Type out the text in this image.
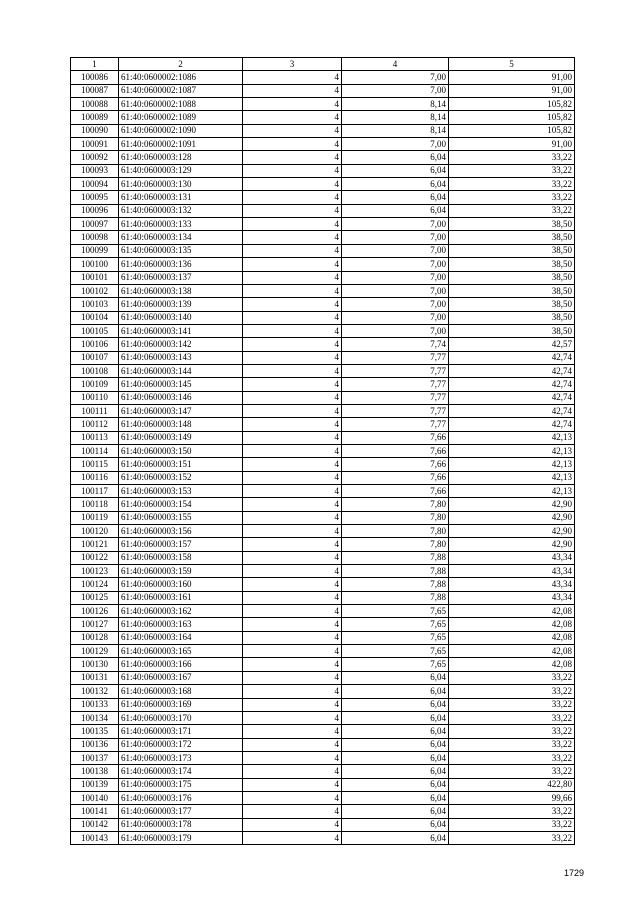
1	2	3	4	5
100086	61:40:0600002:1086	4	7,00	91,00
100087	61:40:0600002:1087	4	7,00	91,00
100088	61:40:0600002:1088	4	8,14	105,82
100089	61:40:0600002:1089	4	8,14	105,82
100090	61:40:0600002:1090	4	8,14	105,82
100091	61:40:0600002:1091	4	7,00	91,00
100092	61:40:0600003:128	4	6,04	33,22
100093	61:40:0600003:129	4	6,04	33,22
100094	61:40:0600003:130	4	6,04	33,22
100095	61:40:0600003:131	4	6,04	33,22
100096	61:40:0600003:132	4	6,04	33,22
100097	61:40:0600003:133	4	7,00	38,50
100098	61:40:0600003:134	4	7,00	38,50
100099	61:40:0600003:135	4	7,00	38,50
100100	61:40:0600003:136	4	7,00	38,50
100101	61:40:0600003:137	4	7,00	38,50
100102	61:40:0600003:138	4	7,00	38,50
100103	61:40:0600003:139	4	7,00	38,50
100104	61:40:0600003:140	4	7,00	38,50
100105	61:40:0600003:141	4	7,00	38,50
100106	61:40:0600003:142	4	7,74	42,57
100107	61:40:0600003:143	4	7,77	42,74
100108	61:40:0600003:144	4	7,77	42,74
100109	61:40:0600003:145	4	7,77	42,74
100110	61:40:0600003:146	4	7,77	42,74
100111	61:40:0600003:147	4	7,77	42,74
100112	61:40:0600003:148	4	7,77	42,74
100113	61:40:0600003:149	4	7,66	42,13
100114	61:40:0600003:150	4	7,66	42,13
100115	61:40:0600003:151	4	7,66	42,13
100116	61:40:0600003:152	4	7,66	42,13
100117	61:40:0600003:153	4	7,66	42,13
100118	61:40:0600003:154	4	7,80	42,90
100119	61:40:0600003:155	4	7,80	42,90
100120	61:40:0600003:156	4	7,80	42,90
100121	61:40:0600003:157	4	7,80	42,90
100122	61:40:0600003:158	4	7,88	43,34
100123	61:40:0600003:159	4	7,88	43,34
100124	61:40:0600003:160	4	7,88	43,34
100125	61:40:0600003:161	4	7,88	43,34
100126	61:40:0600003:162	4	7,65	42,08
100127	61:40:0600003:163	4	7,65	42,08
100128	61:40:0600003:164	4	7,65	42,08
100129	61:40:0600003:165	4	7,65	42,08
100130	61:40:0600003:166	4	7,65	42,08
100131	61:40:0600003:167	4	6,04	33,22
100132	61:40:0600003:168	4	6,04	33,22
100133	61:40:0600003:169	4	6,04	33,22
100134	61:40:0600003:170	4	6,04	33,22
100135	61:40:0600003:171	4	6,04	33,22
100136	61:40:0600003:172	4	6,04	33,22
100137	61:40:0600003:173	4	6,04	33,22
100138	61:40:0600003:174	4	6,04	33,22
100139	61:40:0600003:175	4	6,04	422,80
100140	61:40:0600003:176	4	6,04	99,66
100141	61:40:0600003:177	4	6,04	33,22
100142	61:40:0600003:178	4	6,04	33,22
100143	61:40:0600003:179	4	6,04	33,22
1729
